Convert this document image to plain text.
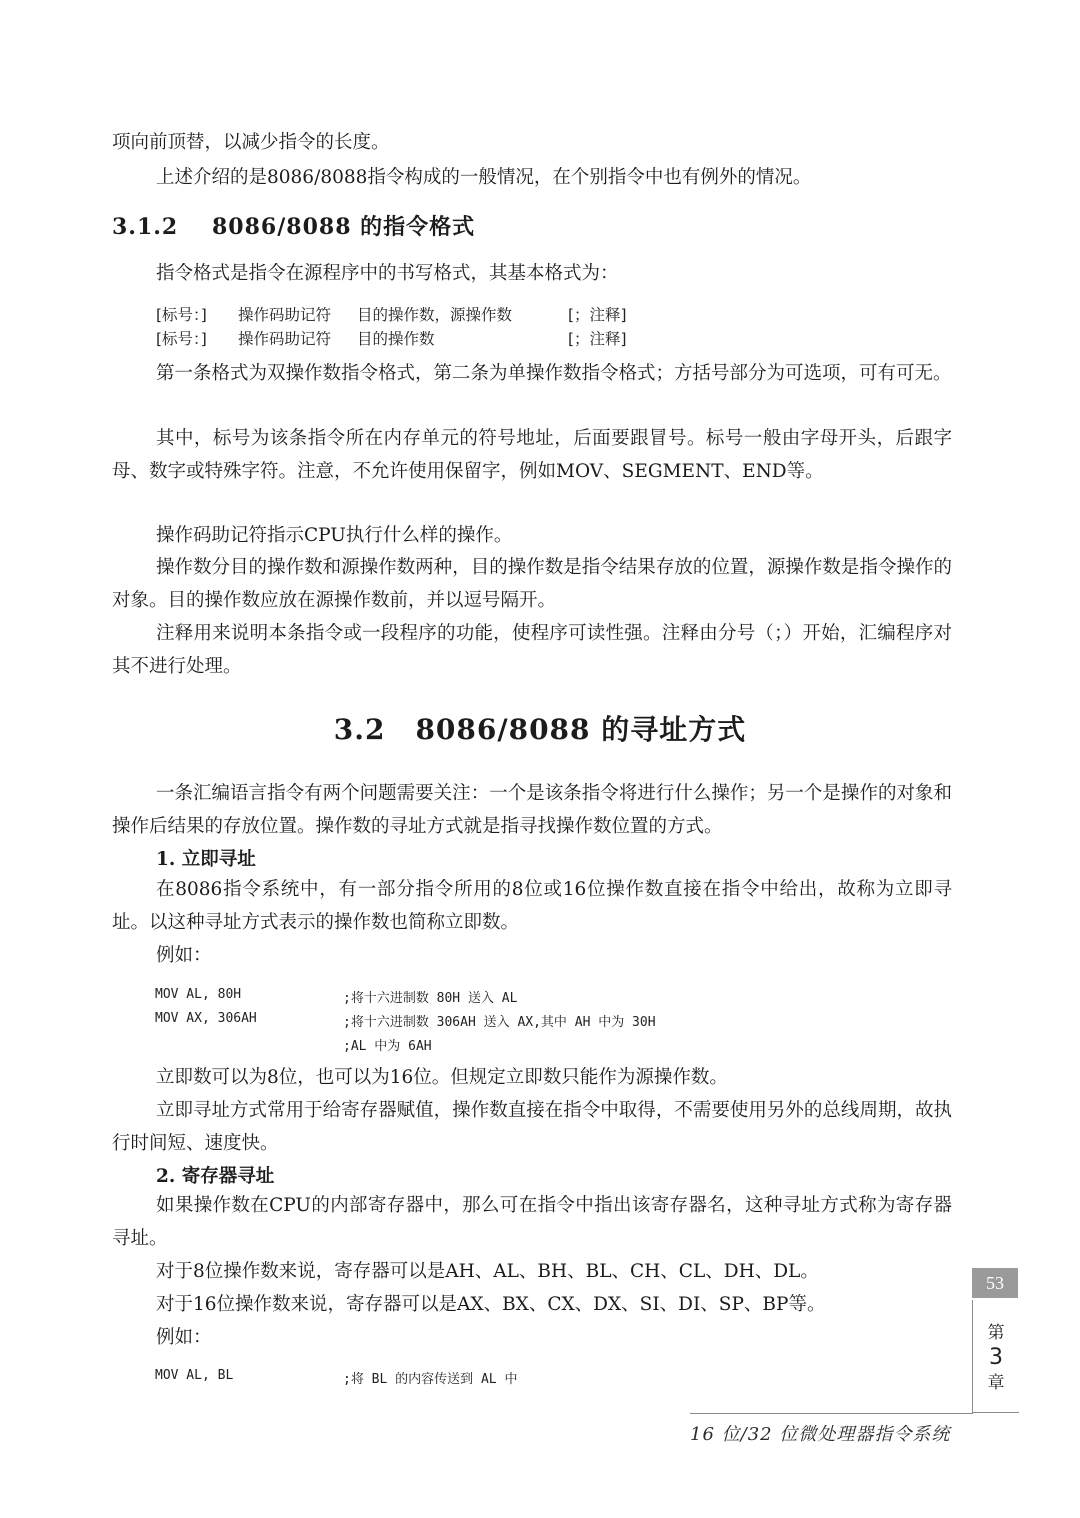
项向前顶替，以减少指令的长度。

上述介绍的是8086/8088指令构成的一般情况，在个别指令中也有例外的情况。

3.1.2 8086/8088 的指令格式

指令格式是指令在源程序中的书写格式，其基本格式为：

[标号：] 操作码助记符 目的操作数，源操作数	[；注释]
[标号：] 操作码助记符 目的操作数	[；注释]

第一条格式为双操作数指令格式，第二条为单操作数指令格式；方括号部分为可选项，可有可无。

其中，标号为该条指令所在内存单元的符号地址，后面要跟冒号。标号一般由字母开头，后跟字母、数字或特殊字符。注意，不允许使用保留字，例如MOV、SEGMENT、END等。

操作码助记符指示CPU执行什么样的操作。

操作数分目的操作数和源操作数两种，目的操作数是指令结果存放的位置，源操作数是指令操作的对象。目的操作数应放在源操作数前，并以逗号隔开。

注释用来说明本条指令或一段程序的功能，使程序可读性强。注释由分号（；）开始，汇编程序对其不进行处理。

3.2 8086/8088 的寻址方式

一条汇编语言指令有两个问题需要关注：一个是该条指令将进行什么操作；另一个是操作的对象和操作后结果的存放位置。操作数的寻址方式就是指寻找操作数位置的方式。

1. 立即寻址

在8086指令系统中，有一部分指令所用的8位或16位操作数直接在指令中给出，故称为立即寻址。以这种寻址方式表示的操作数也简称立即数。

例如：

MOV AL, 80H	;将十六进制数 80H 送入 AL
MOV AX, 306AH	;将十六进制数 306AH 送入 AX,其中 AH 中为 30H
;AL 中为 6AH

立即数可以为8位，也可以为16位。但规定立即数只能作为源操作数。

立即寻址方式常用于给寄存器赋值，操作数直接在指令中取得，不需要使用另外的总线周期，故执行时间短、速度快。

2. 寄存器寻址

如果操作数在CPU的内部寄存器中，那么可在指令中指出该寄存器名，这种寻址方式称为寄存器寻址。

对于8位操作数来说，寄存器可以是AH、AL、BH、BL、CH、CL、DH、DL。

对于16位操作数来说，寄存器可以是AX、BX、CX、DX、SI、DI、SP、BP等。

例如：

MOV AL, BL	;将 BL 的内容传送到 AL 中
53
第
3
章
16 位/32 位微处理器指令系统
